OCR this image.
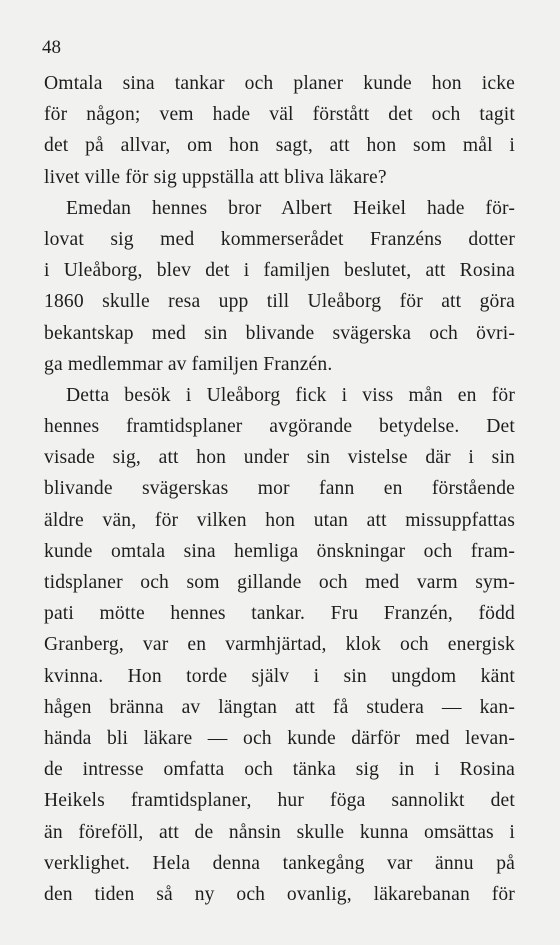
48
Omtala sina tankar och planer kunde hon icke
för någon; vem hade väl förstått det och tagit
det på allvar, om hon sagt, att hon som mål i
livet ville för sig uppställa att bliva läkare?
Emedan hennes bror Albert Heikel hade för-
lovat sig med kommerserådet Franzéns dotter
i Uleåborg, blev det i familjen beslutet, att Rosina
1860 skulle resa upp till Uleåborg för att göra
bekantskap med sin blivande svägerska och övri-
ga medlemmar av familjen Franzén.
Detta besök i Uleåborg fick i viss mån en för
hennes framtidsplaner avgörande betydelse. Det
visade sig, att hon under sin vistelse där i sin
blivande svägerskas mor fann en förstående
äldre vän, för vilken hon utan att missuppfattas
kunde omtala sina hemliga önskningar och fram-
tidsplaner och som gillande och med varm sym-
pati mötte hennes tankar. Fru Franzén, född
Granberg, var en varmhjärtad, klok och energisk
kvinna. Hon torde själv i sin ungdom känt
hågen bränna av längtan att få studera — kan-
hända bli läkare — och kunde därför med levan-
de intresse omfatta och tänka sig in i Rosina
Heikels framtidsplaner, hur föga sannolikt det
än föreföll, att de nånsin skulle kunna omsättas i
verklighet. Hela denna tankegång var ännu på
den tiden så ny och ovanlig, läkarebanan för
